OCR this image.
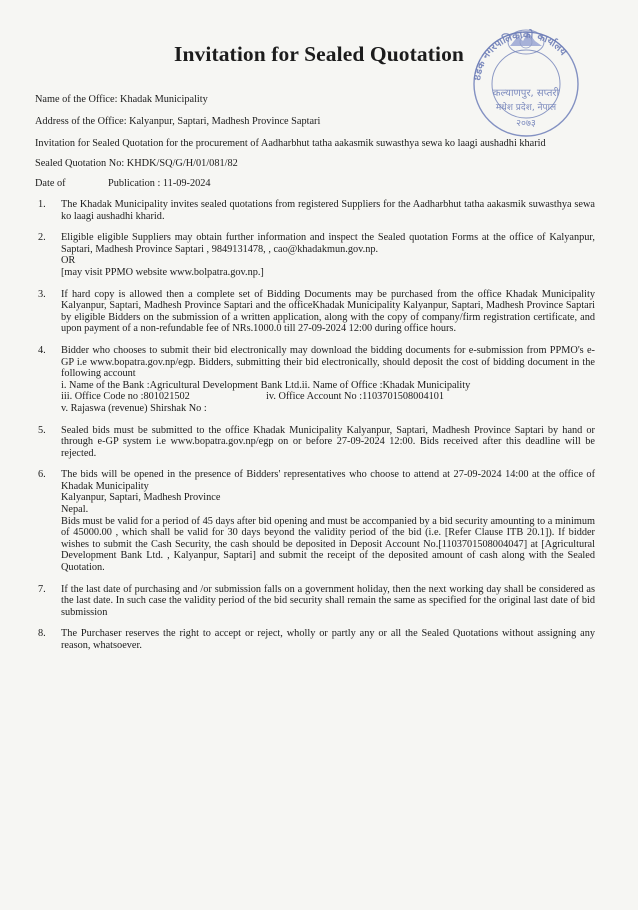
Invitation for Sealed Quotation
ខडक नगरपालिकाको कार्यालय
कल्याणपुर, सप्तरी
मधेश प्रदेश, नेपाल
२०७३
Name of the Office: Khadak Municipality
Address of the Office: Kalyanpur, Saptari, Madhesh Province Saptari
Invitation for Sealed Quotation for the procurement of Aadharbhut tatha aakasmik suwasthya sewa ko laagi aushadhi kharid
Sealed Quotation No: KHDK/SQ/G/H/01/081/82
Date of	Publication : 11-09-2024
1.	The Khadak Municipality invites sealed quotations from registered Suppliers for the Aadharbhut tatha aakasmik suwasthya sewa ko laagi aushadhi kharid.
2.	Eligible eligible Suppliers may obtain further information and inspect the Sealed quotation Forms at the office of Kalyanpur, Saptari, Madhesh Province Saptari , 9849131478, , cao@khadakmun.gov.np.
OR
[may visit PPMO website www.bolpatra.gov.np.]
3.	If hard copy is allowed then a complete set of Bidding Documents may be purchased from the office Khadak Municipality Kalyanpur, Saptari, Madhesh Province Saptari and the officeKhadak Municipality Kalyanpur, Saptari, Madhesh Province Saptari by eligible Bidders on the submission of a written application, along with the copy of company/firm registration certificate, and upon payment of a non-refundable fee of NRs.1000.0 till 27-09-2024 12:00 during office hours.
4.	Bidder who chooses to submit their bid electronically may download the bidding documents for e-submission from PPMO's e-GP i.e www.bopatra.gov.np/egp. Bidders, submitting their bid electronically, should deposit the cost of bidding document in the following account
i. Name of the Bank :Agricultural Development Bank Ltd.ii. Name of Office :Khadak Municipality
iii. Office Code no :801021502	iv. Office Account No :1103701508004101
v. Rajaswa (revenue) Shirshak No :
5.	Sealed bids must be submitted to the office Khadak Municipality Kalyanpur, Saptari, Madhesh Province Saptari by hand or through e-GP system i.e www.bopatra.gov.np/egp on or before 27-09-2024 12:00. Bids received after this deadline will be rejected.
6.	The bids will be opened in the presence of Bidders' representatives who choose to attend at 27-09-2024 14:00 at the office of Khadak Municipality
Kalyanpur, Saptari, Madhesh Province
Nepal.
Bids must be valid for a period of 45 days after bid opening and must be accompanied by a bid security amounting to a minimum of 45000.00 , which shall be valid for 30 days beyond the validity period of the bid (i.e. [Refer Clause ITB 20.1]). If bidder wishes to submit the Cash Security, the cash should be deposited in Deposit Account No.[1103701508004047] at [Agricultural Development Bank Ltd. , Kalyanpur, Saptari] and submit the receipt of the deposited amount of cash along with the Sealed Quotation.
7.	If the last date of purchasing and /or submission falls on a government holiday, then the next working day shall be considered as the last date. In such case the validity period of the bid security shall remain the same as specified for the original last date of bid submission
8.	The Purchaser reserves the right to accept or reject, wholly or partly any or all the Sealed Quotations without assigning any reason, whatsoever.
